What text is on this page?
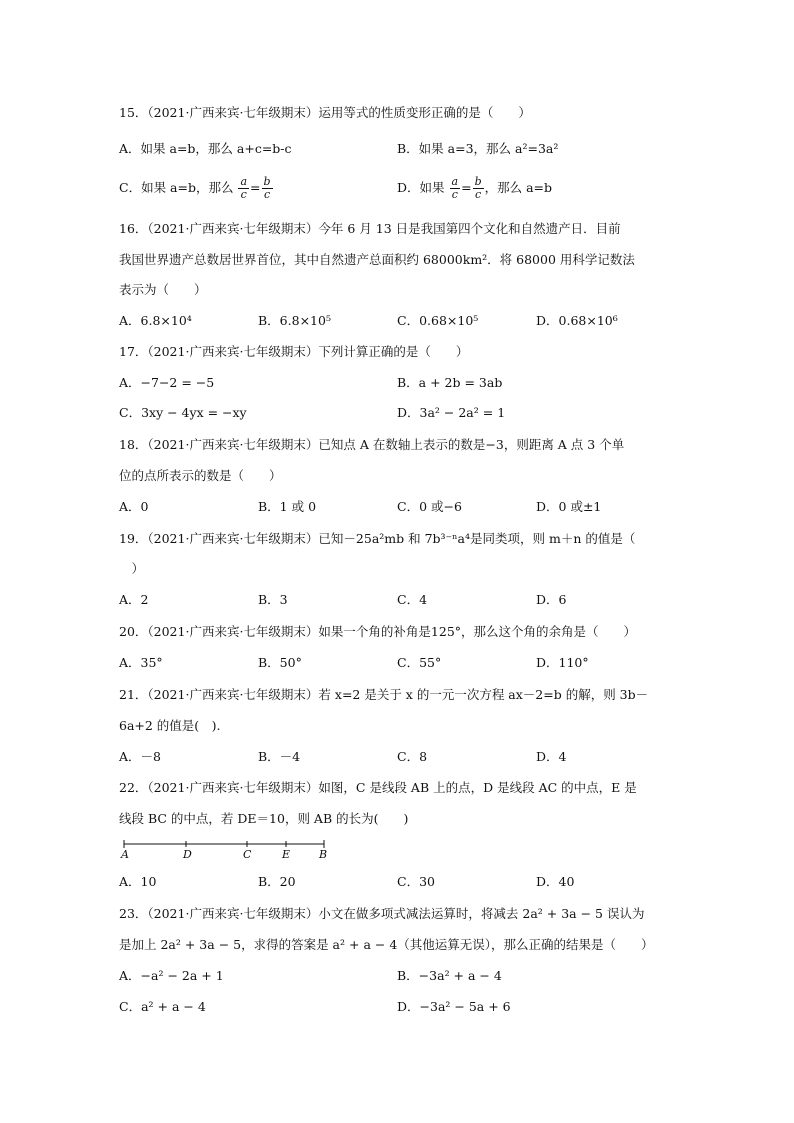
15．（2021·广西来宾·七年级期末）运用等式的性质变形正确的是（　　）
A．如果 a=b，那么 a+c=b-c	B．如果 a=3，那么 a²=3a²
C．如果 a=b，那么 $\frac{a}{c} = \frac{b}{c}$	D．如果 $\frac{a}{c} = \frac{b}{c}$ ，那么 a=b
16．（2021·广西来宾·七年级期末）今年 6 月 13 日是我国第四个文化和自然遗产日．目前
我国世界遗产总数居世界首位，其中自然遗产总面积约 68000km²．将 68000 用科学记数法
表示为（　　）
A．6.8×10⁴	B．6.8×10⁵	C．0.68×10⁵	D．0.68×10⁶
17．（2021·广西来宾·七年级期末）下列计算正确的是（　　）
A．−7−2 = −5	B．a + 2b = 3ab
C．3xy − 4yx = −xy	D．3a² − 2a² = 1
18．（2021·广西来宾·七年级期末）已知点 A 在数轴上表示的数是−3，则距离 A 点 3 个单
位的点所表示的数是（　　）
A．0	B．1 或 0	C．0 或−6	D．0 或±1
19．（2021·广西来宾·七年级期末）已知－25a²mb 和 7b³⁻ⁿa⁴是同类项，则 m＋n 的值是（
　）
A．2	B．3	C．4	D．6
20．（2021·广西来宾·七年级期末）如果一个角的补角是125°，那么这个角的余角是（　　）
A．35°	B．50°	C．55°	D．110°
21．（2021·广西来宾·七年级期末）若 x=2 是关于 x 的一元一次方程 ax－2=b 的解，则 3b－
6a+2 的值是(　).
A．－8	B．－4	C．8	D．4
22．（2021·广西来宾·七年级期末）如图，C 是线段 AB 上的点，D 是线段 AC 的中点，E 是
线段 BC 的中点，若 DE＝10，则 AB 的长为(　　)
A	D	C	E	B
A．10	B．20	C．30	D．40
23．（2021·广西来宾·七年级期末）小文在做多项式减法运算时，将减去 2a² + 3a − 5 误认为
是加上 2a² + 3a − 5，求得的答案是 a² + a − 4（其他运算无误），那么正确的结果是（　　）
A．−a² − 2a + 1	B．−3a² + a − 4
C．a² + a − 4	D．−3a² − 5a + 6
